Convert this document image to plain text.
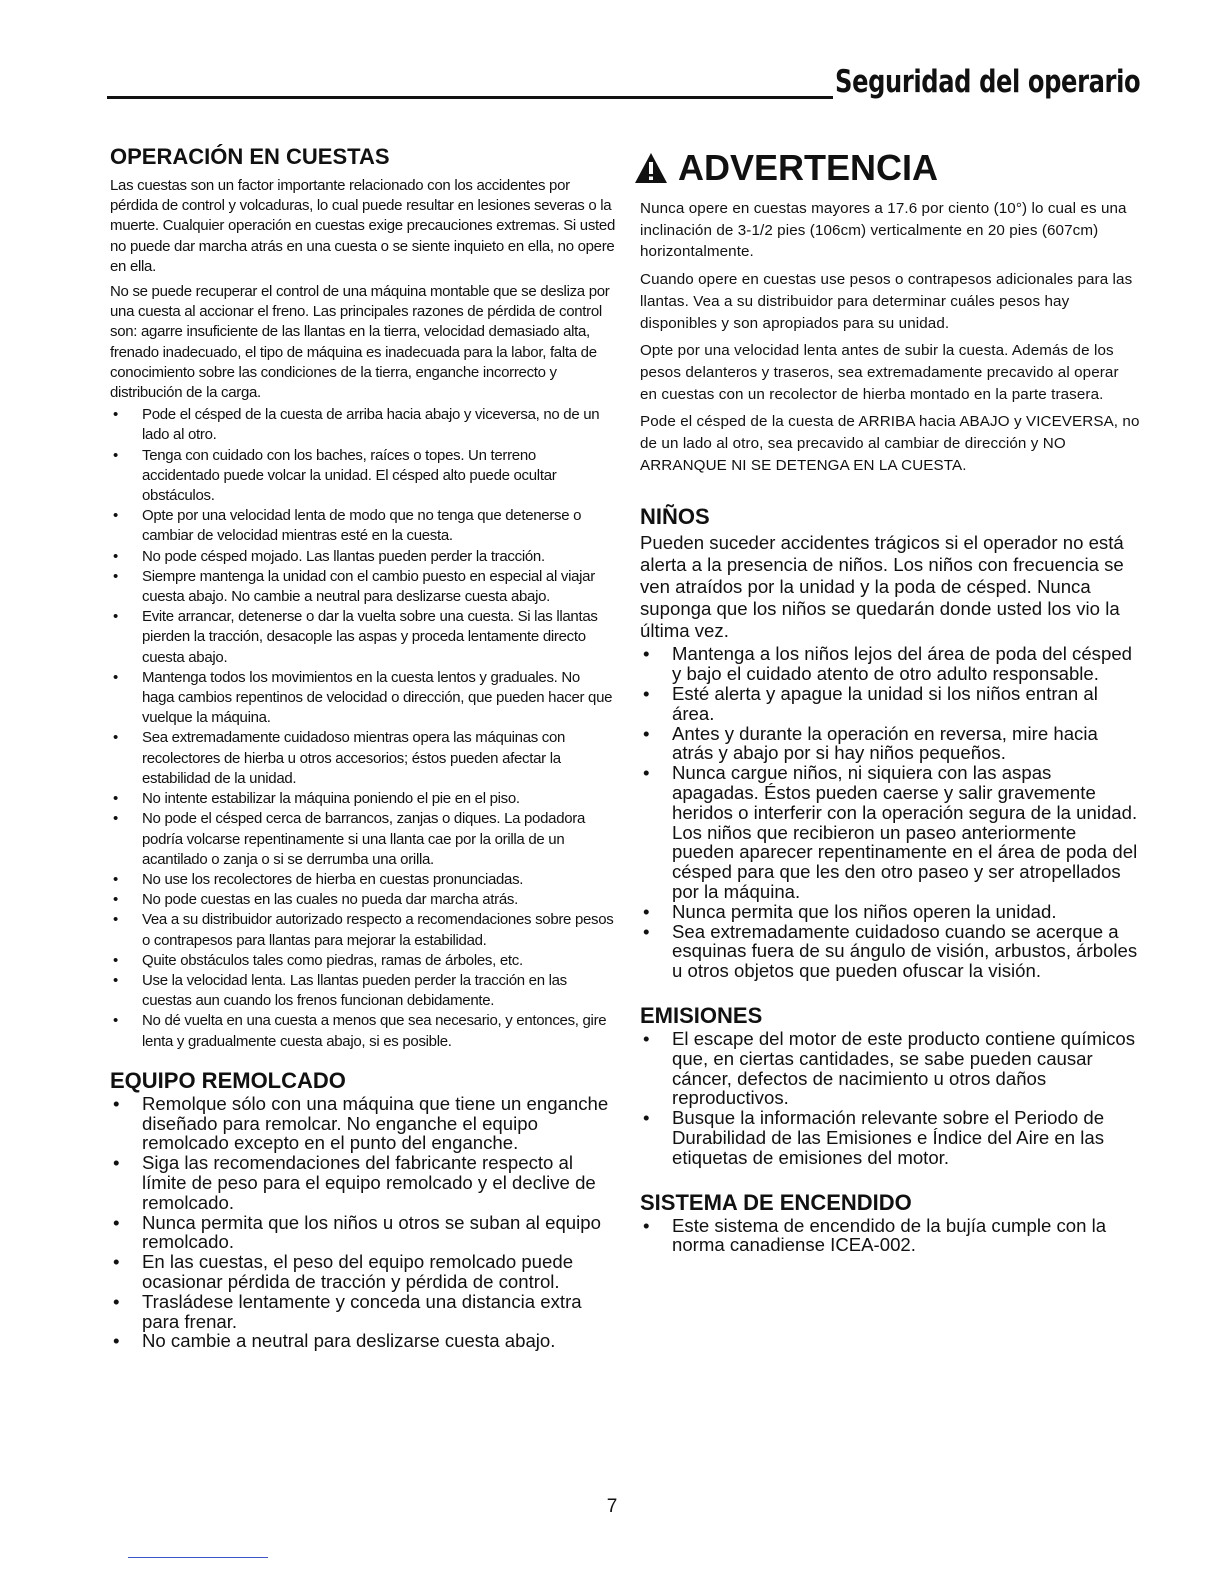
Seguridad del operario
OPERACIÓN EN CUESTAS

Las cuestas son un factor importante relacionado con los accidentes por pérdida de control y volcaduras, lo cual puede resultar en lesiones severas o la muerte. Cualquier operación en cuestas exige precauciones extremas. Si usted no puede dar marcha atrás en una cuesta o se siente inquieto en ella, no opere en ella.

No se puede recuperar el control de una máquina montable que se desliza por una cuesta al accionar el freno. Las principales razones de pérdida de control son: agarre insuficiente de las llantas en la tierra, velocidad demasiado alta, frenado inadecuado, el tipo de máquina es inadecuada para la labor, falta de conocimiento sobre las condiciones de la tierra, enganche incorrecto y distribución de la carga.

• Pode el césped de la cuesta de arriba hacia abajo y viceversa, no de un lado al otro.
• Tenga con cuidado con los baches, raíces o topes. Un terreno accidentado puede volcar la unidad. El césped alto puede ocultar obstáculos.
• Opte por una velocidad lenta de modo que no tenga que detenerse o cambiar de velocidad mientras esté en la cuesta.
• No pode césped mojado. Las llantas pueden perder la tracción.
• Siempre mantenga la unidad con el cambio puesto en especial al viajar cuesta abajo. No cambie a neutral para deslizarse cuesta abajo.
• Evite arrancar, detenerse o dar la vuelta sobre una cuesta. Si las llantas pierden la tracción, desacople las aspas y proceda lentamente directo cuesta abajo.
• Mantenga todos los movimientos en la cuesta lentos y graduales. No haga cambios repentinos de velocidad o dirección, que pueden hacer que vuelque la máquina.
• Sea extremadamente cuidadoso mientras opera las máquinas con recolectores de hierba u otros accesorios; éstos pueden afectar la estabilidad de la unidad.
• No intente estabilizar la máquina poniendo el pie en el piso.
• No pode el césped cerca de barrancos, zanjas o diques. La podadora podría volcarse repentinamente si una llanta cae por la orilla de un acantilado o zanja o si se derrumba una orilla.
• No use los recolectores de hierba en cuestas pronunciadas.
• No pode cuestas en las cuales no pueda dar marcha atrás.
• Vea a su distribuidor autorizado respecto a recomendaciones sobre pesos o contrapesos para llantas para mejorar la estabilidad.
• Quite obstáculos tales como piedras, ramas de árboles, etc.
• Use la velocidad lenta. Las llantas pueden perder la tracción en las cuestas aun cuando los frenos funcionan debidamente.
• No dé vuelta en una cuesta a menos que sea necesario, y entonces, gire lenta y gradualmente cuesta abajo, si es posible.
EQUIPO REMOLCADO
• Remolque sólo con una máquina que tiene un enganche diseñado para remolcar. No enganche el equipo remolcado excepto en el punto del enganche.
• Siga las recomendaciones del fabricante respecto al límite de peso para el equipo remolcado y el declive de remolcado.
• Nunca permita que los niños u otros se suban al equipo remolcado.
• En las cuestas, el peso del equipo remolcado puede ocasionar pérdida de tracción y pérdida de control.
• Trasládese lentamente y conceda una distancia extra para frenar.
• No cambie a neutral para deslizarse cuesta abajo.
ADVERTENCIA

Nunca opere en cuestas mayores a 17.6 por ciento (10°) lo cual es una inclinación de 3-1/2 pies (106cm) verticalmente en 20 pies (607cm) horizontalmente.

Cuando opere en cuestas use pesos o contrapesos adicionales para las llantas. Vea a su distribuidor para determinar cuáles pesos hay disponibles y son apropiados para su unidad.

Opte por una velocidad lenta antes de subir la cuesta. Además de los pesos delanteros y traseros, sea extremadamente precavido al operar en cuestas con un recolector de hierba montado en la parte trasera.

Pode el césped de la cuesta de ARRIBA hacia ABAJO y VICEVERSA, no de un lado al otro, sea precavido al cambiar de dirección y NO ARRANQUE NI SE DETENGA EN LA CUESTA.

NIÑOS

Pueden suceder accidentes trágicos si el operador no está alerta a la presencia de niños. Los niños con frecuencia se ven atraídos por la unidad y la poda de césped. Nunca suponga que los niños se quedarán donde usted los vio la última vez.

• Mantenga a los niños lejos del área de poda del césped y bajo el cuidado atento de otro adulto responsable.
• Esté alerta y apague la unidad si los niños entran al área.
• Antes y durante la operación en reversa, mire hacia atrás y abajo por si hay niños pequeños.
• Nunca cargue niños, ni siquiera con las aspas apagadas. Éstos pueden caerse y salir gravemente heridos o interferir con la operación segura de la unidad. Los niños que recibieron un paseo anteriormente pueden aparecer repentinamente en el área de poda del césped para que les den otro paseo y ser atropellados por la máquina.
• Nunca permita que los niños operen la unidad.
• Sea extremadamente cuidadoso cuando se acerque a esquinas fuera de su ángulo de visión, arbustos, árboles u otros objetos que pueden ofuscar la visión.
EMISIONES
• El escape del motor de este producto contiene químicos que, en ciertas cantidades, se sabe pueden causar cáncer, defectos de nacimiento u otros daños reproductivos.
• Busque la información relevante sobre el Periodo de Durabilidad de las Emisiones e Índice del Aire en las etiquetas de emisiones del motor.
SISTEMA DE ENCENDIDO
• Este sistema de encendido de la bujía cumple con la norma canadiense ICEA-002.
7
